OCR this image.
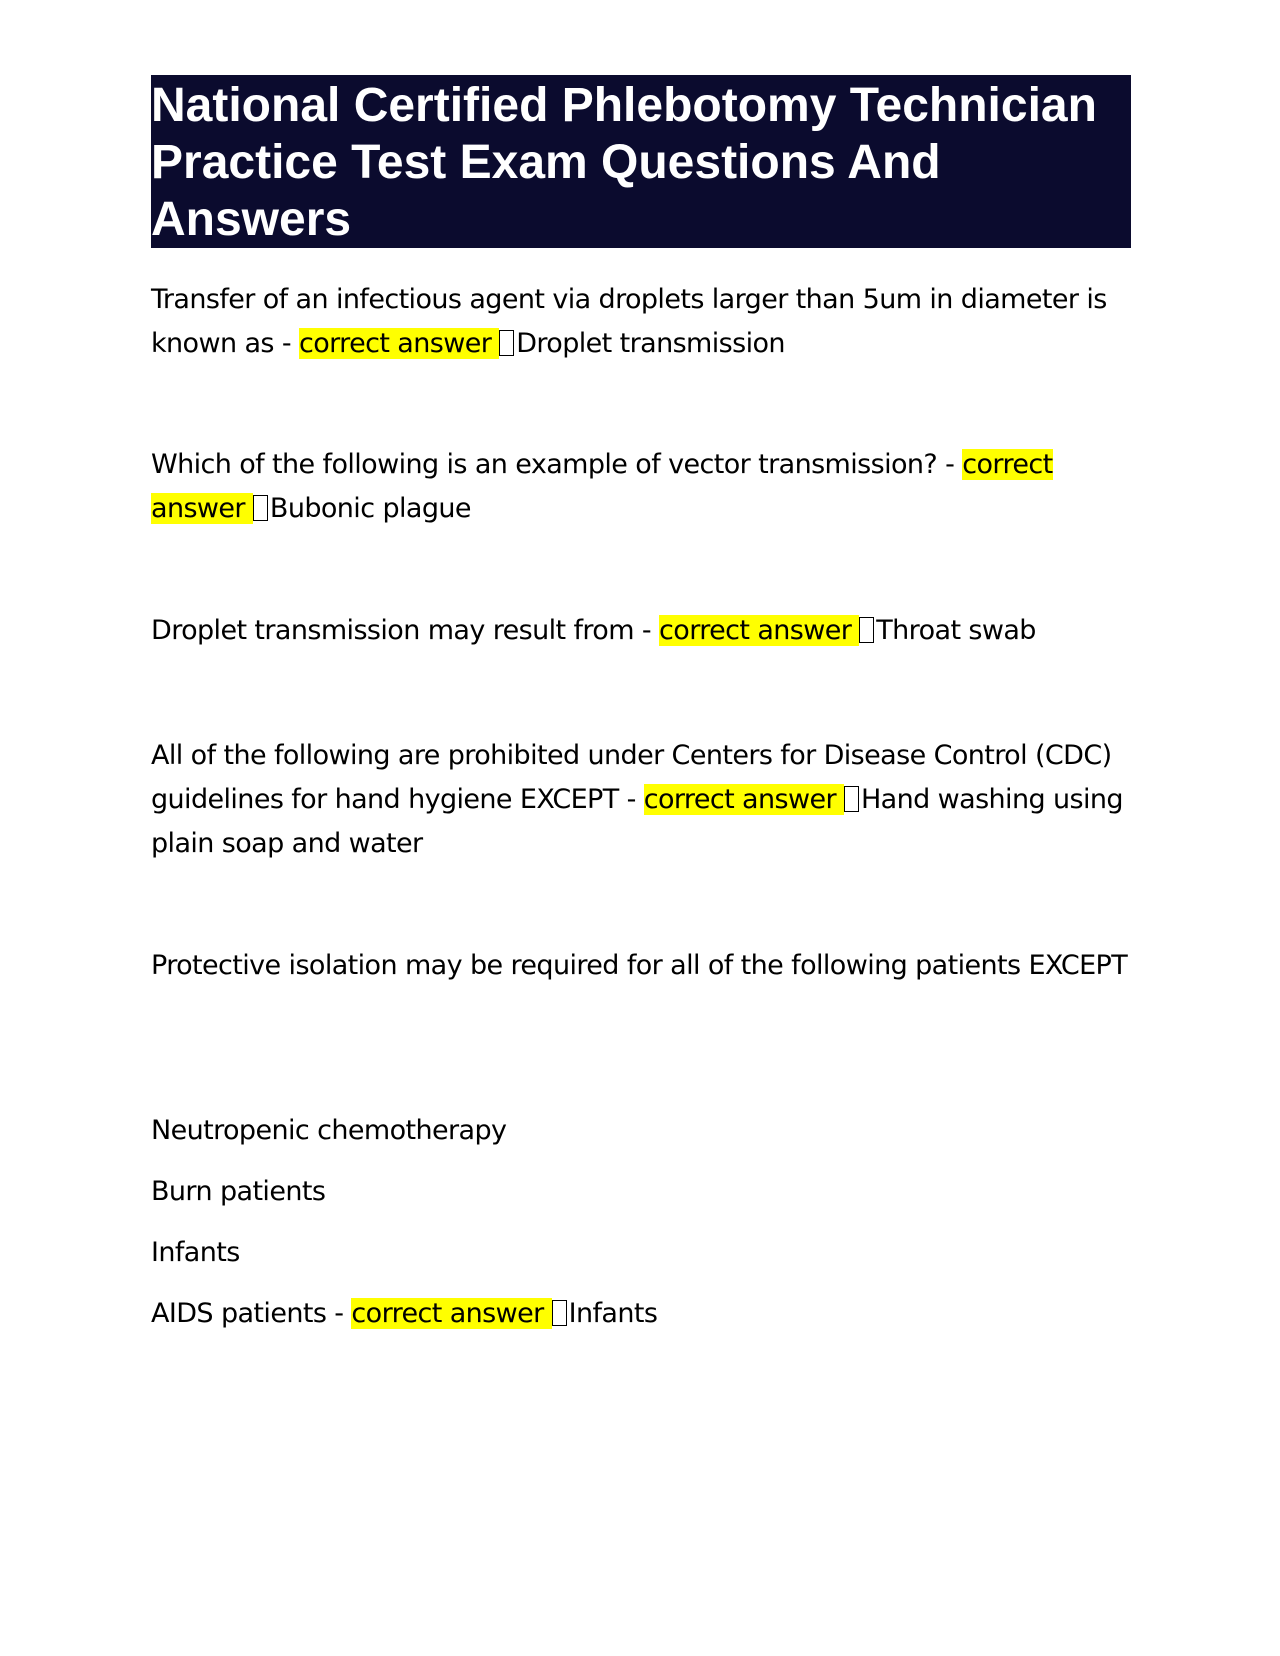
National Certified Phlebotomy Technician Practice Test Exam Questions And Answers

Transfer of an infectious agent via droplets larger than 5um in diameter is known as - correct answer Droplet transmission

Which of the following is an example of vector transmission? - correct answer Bubonic plague

Droplet transmission may result from - correct answer Throat swab

All of the following are prohibited under Centers for Disease Control (CDC) guidelines for hand hygiene EXCEPT - correct answer Hand washing using plain soap and water

Protective isolation may be required for all of the following patients EXCEPT

Neutropenic chemotherapy

Burn patients

Infants

AIDS patients - correct answer Infants
